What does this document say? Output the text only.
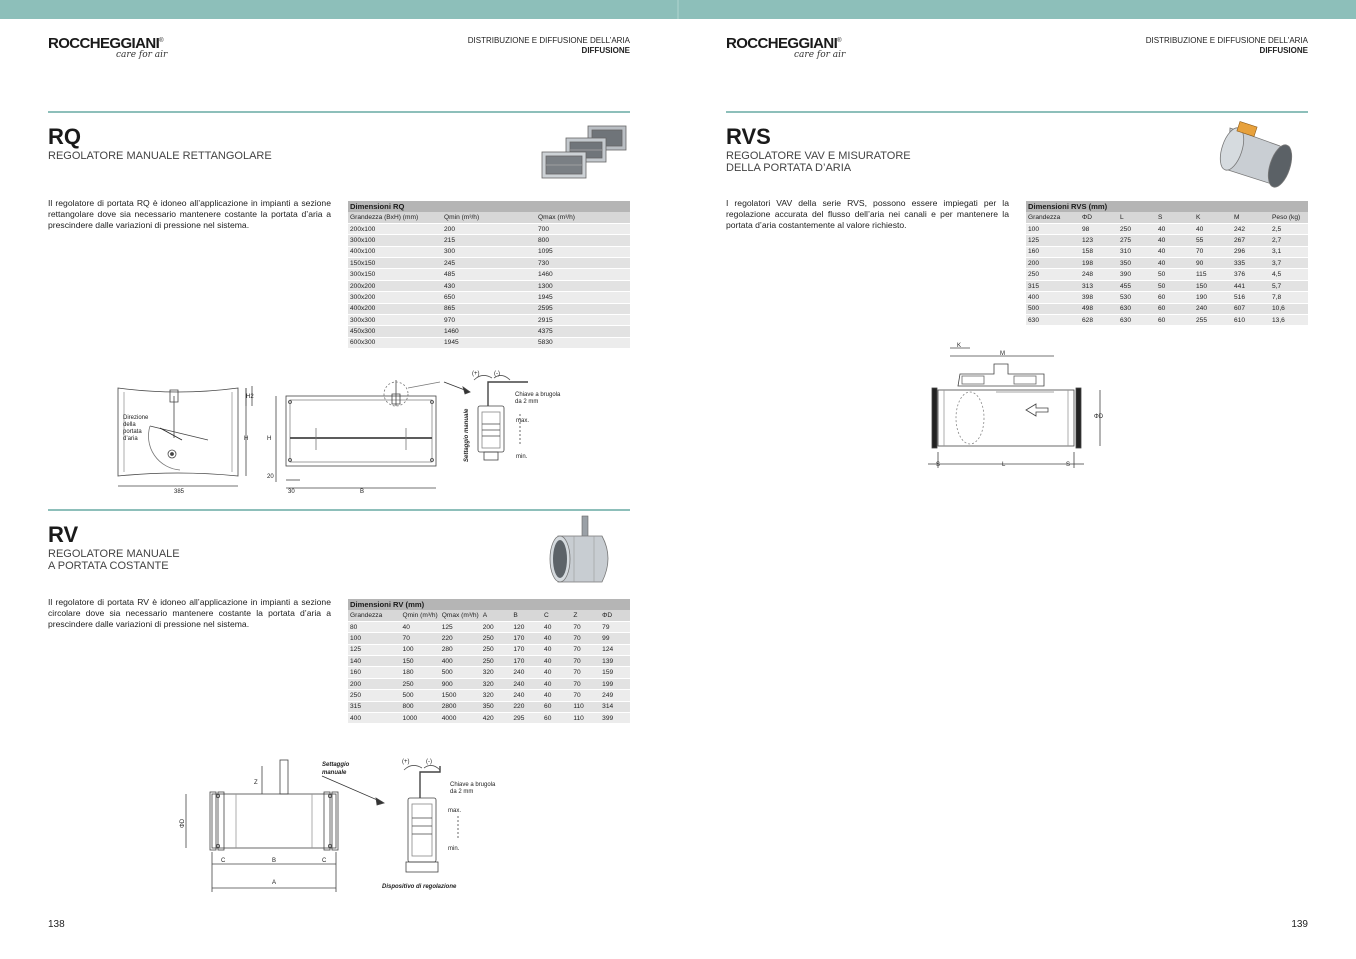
ROCCHEGGIANI®
care for air
DISTRIBUZIONE E DIFFUSIONE DELL’ARIA
DIFFUSIONE
RQ
REGOLATORE MANUALE RETTANGOLARE
Il regolatore di portata RQ è idoneo all’applicazione in impianti a sezione rettangolare dove sia necessario mantenere costante la portata d’aria a prescindere dalle variazioni di pressione nel sistema.
Dimensioni RQ
Grandezza (BxH) (mm)	Qmin (m³/h)	Qmax (m³/h)
200x100	200	700
300x100	215	800
400x100	300	1095
150x150	245	730
300x150	485	1460
200x200	430	1300
300x200	650	1945
400x200	865	2595
300x300	970	2915
450x300	1460	4375
600x300	1945	5830
Direzione
della
portata
d’aria
385
H
H2
H
B
20
30
(+) (-)
Chiave a brugola
da 2 mm
max.
min.
Settaggio manuale
RV
REGOLATORE MANUALE
A PORTATA COSTANTE
Il regolatore di portata RV è idoneo all’applicazione in impianti a sezione circolare dove sia necessario mantenere costante la portata d’aria a prescindere dalle variazioni di pressione nel sistema.
Dimensioni RV (mm)
Grandezza	Qmin (m³/h)	Qmax (m³/h)	A	B	C	Z	ΦD
80	40	125	200	120	40	70	79
100	70	220	250	170	40	70	99
125	100	280	250	170	40	70	124
140	150	400	250	170	40	70	139
160	180	500	320	240	40	70	159
200	250	900	320	240	40	70	199
250	500	1500	320	240	40	70	249
315	800	2800	350	220	60	110	314
400	1000	4000	420	295	60	110	399
Settaggio
manuale
(+)	(-)
Chiave a brugola
da 2 mm
max.
min.
Dispositivo di regolazione
Z
ΦD
C	B	C
A
138
ROCCHEGGIANI®
care for air
DISTRIBUZIONE E DIFFUSIONE DELL’ARIA
DIFFUSIONE
RVS
REGOLATORE VAV E MISURATORE
DELLA PORTATA D’ARIA
I regolatori VAV della serie RVS, possono essere impiegati per la regolazione accurata del flusso dell’aria nei canali e per mantenere la portata d’aria costantemente al valore richiesto.
Dimensioni RVS (mm)
Grandezza	ΦD	L	S	K	M	Peso (kg)
100	98	250	40	40	242	2,5
125	123	275	40	55	267	2,7
160	158	310	40	70	296	3,1
200	198	350	40	90	335	3,7
250	248	390	50	115	376	4,5
315	313	455	50	150	441	5,7
400	398	530	60	190	516	7,8
500	498	630	60	240	607	10,6
630	628	630	60	255	610	13,6
K
M
ΦD
L
S	S
139
